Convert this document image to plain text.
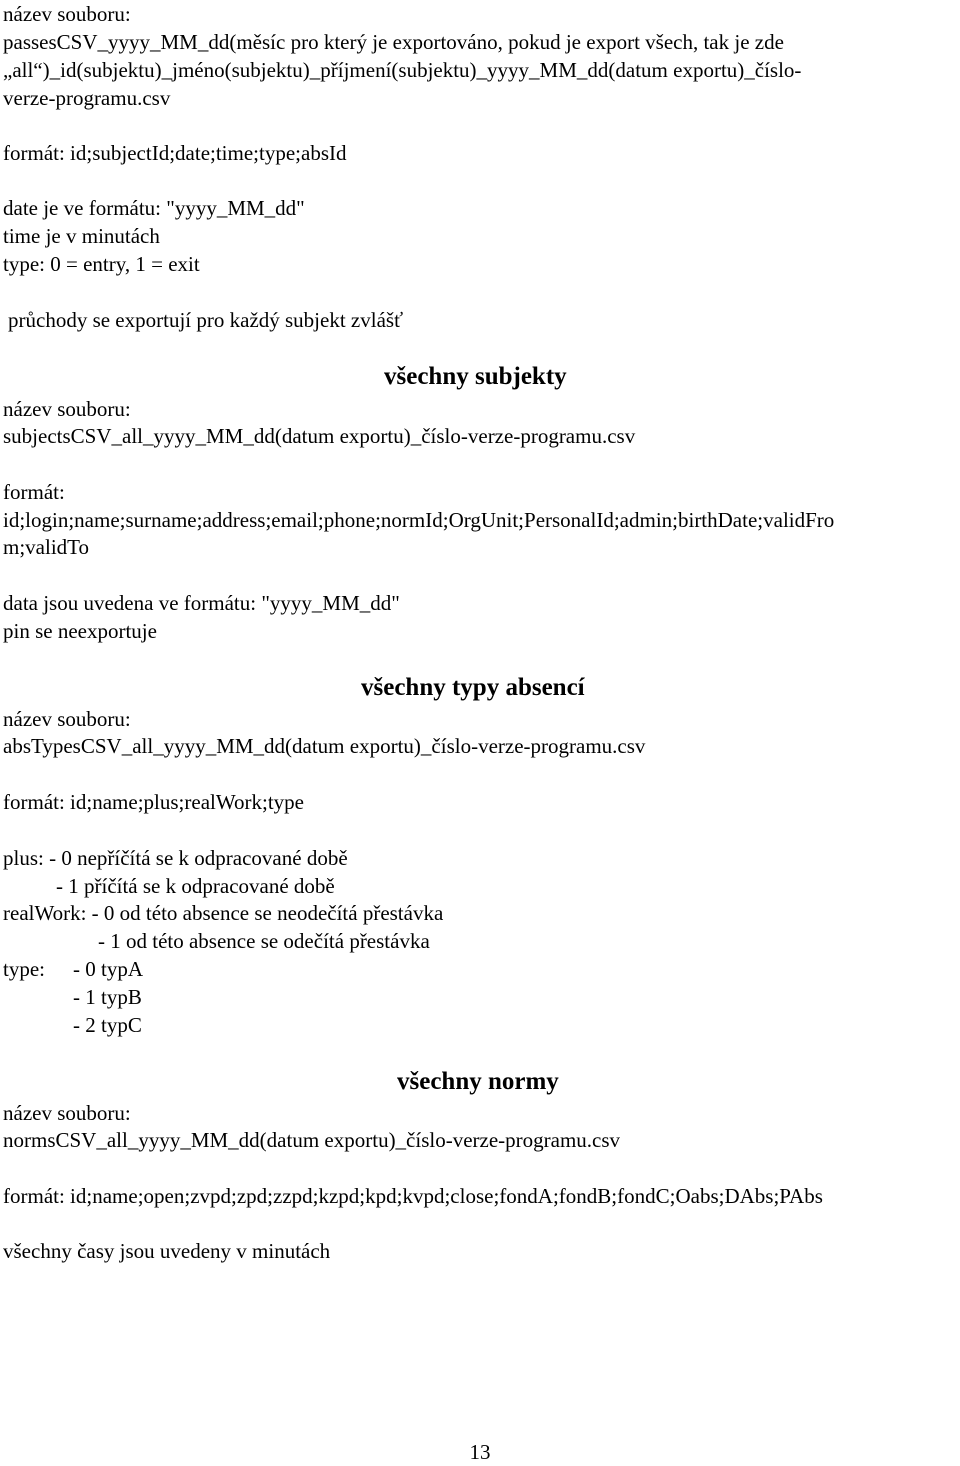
název souboru:
passesCSV_yyyy_MM_dd(měsíc pro který je exportováno, pokud je export všech, tak je zde
„all“)_id(subjektu)_jméno(subjektu)_příjmení(subjektu)_yyyy_MM_dd(datum exportu)_číslo-
verze-programu.csv
formát: id;subjectId;date;time;type;absId
date je ve formátu: "yyyy_MM_dd"
time je v minutách
type: 0 = entry, 1 = exit
průchody se exportují pro každý subjekt zvlášť
všechny subjekty
název souboru:
subjectsCSV_all_yyyy_MM_dd(datum exportu)_číslo-verze-programu.csv
formát:
id;login;name;surname;address;email;phone;normId;OrgUnit;PersonalId;admin;birthDate;validFro
m;validTo
data jsou uvedena ve formátu: "yyyy_MM_dd"
pin se neexportuje
všechny typy absencí
název souboru:
absTypesCSV_all_yyyy_MM_dd(datum exportu)_číslo-verze-programu.csv
formát: id;name;plus;realWork;type
plus: - 0 nepříčítá se k odpracované době
- 1 příčítá se k odpracované době
realWork: - 0 od této absence se neodečítá přestávka
- 1 od této absence se odečítá přestávka
type: - 0 typA
- 1 typB
- 2 typC
všechny normy
název souboru:
normsCSV_all_yyyy_MM_dd(datum exportu)_číslo-verze-programu.csv
formát: id;name;open;zvpd;zpd;zzpd;kzpd;kpd;kvpd;close;fondA;fondB;fondC;Oabs;DAbs;PAbs
všechny časy jsou uvedeny v minutách
13
